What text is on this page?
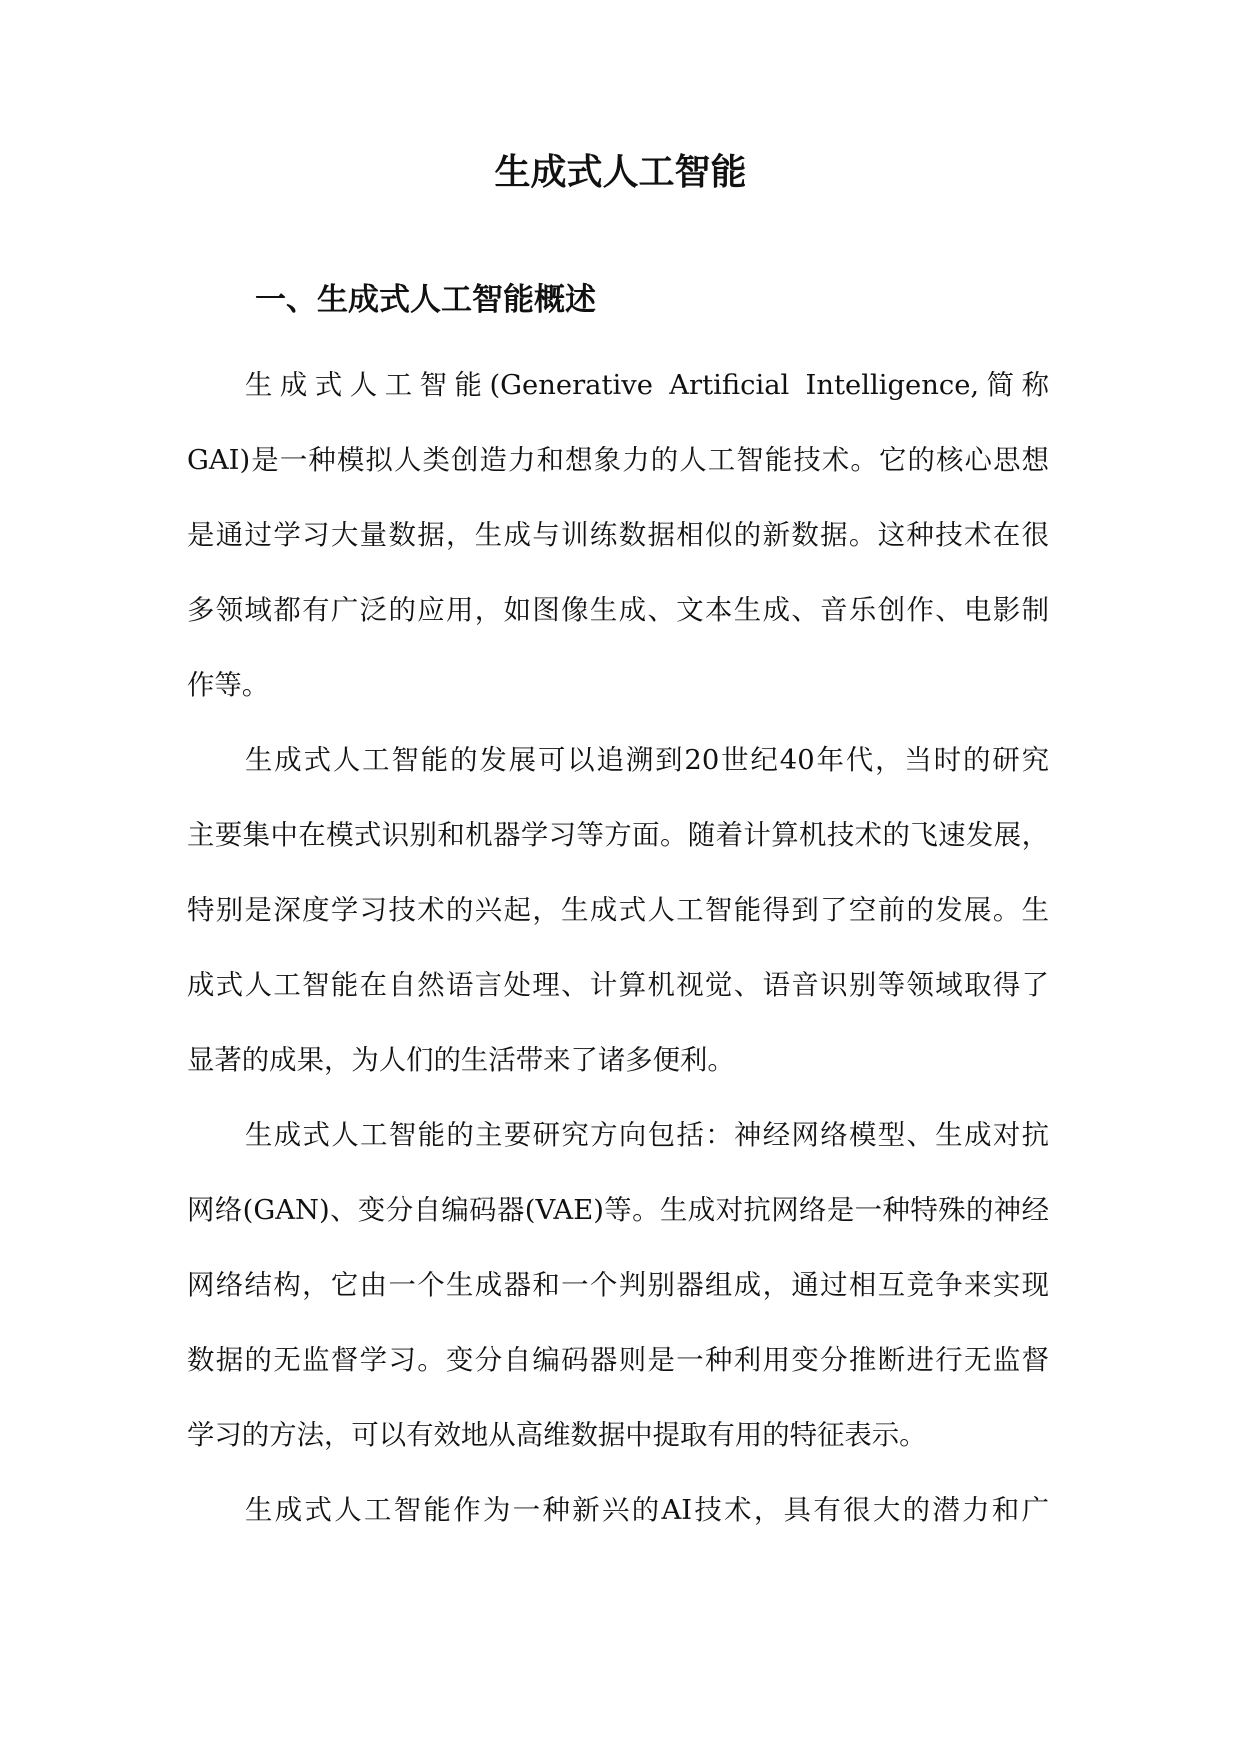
生成式人工智能
一、生成式人工智能概述
生成式人工智能(Generative Artificial Intelligence,简称
GAI)是一种模拟人类创造力和想象力的人工智能技术。它的核心思想
是通过学习大量数据，生成与训练数据相似的新数据。这种技术在很
多领域都有广泛的应用，如图像生成、文本生成、音乐创作、电影制
作等。
生成式人工智能的发展可以追溯到20世纪40年代，当时的研究
主要集中在模式识别和机器学习等方面。随着计算机技术的飞速发展，
特别是深度学习技术的兴起，生成式人工智能得到了空前的发展。生
成式人工智能在自然语言处理、计算机视觉、语音识别等领域取得了
显著的成果，为人们的生活带来了诸多便利。
生成式人工智能的主要研究方向包括：神经网络模型、生成对抗
网络(GAN)、变分自编码器(VAE)等。生成对抗网络是一种特殊的神经
网络结构，它由一个生成器和一个判别器组成，通过相互竞争来实现
数据的无监督学习。变分自编码器则是一种利用变分推断进行无监督
学习的方法，可以有效地从高维数据中提取有用的特征表示。
生成式人工智能作为一种新兴的AI技术，具有很大的潜力和广
